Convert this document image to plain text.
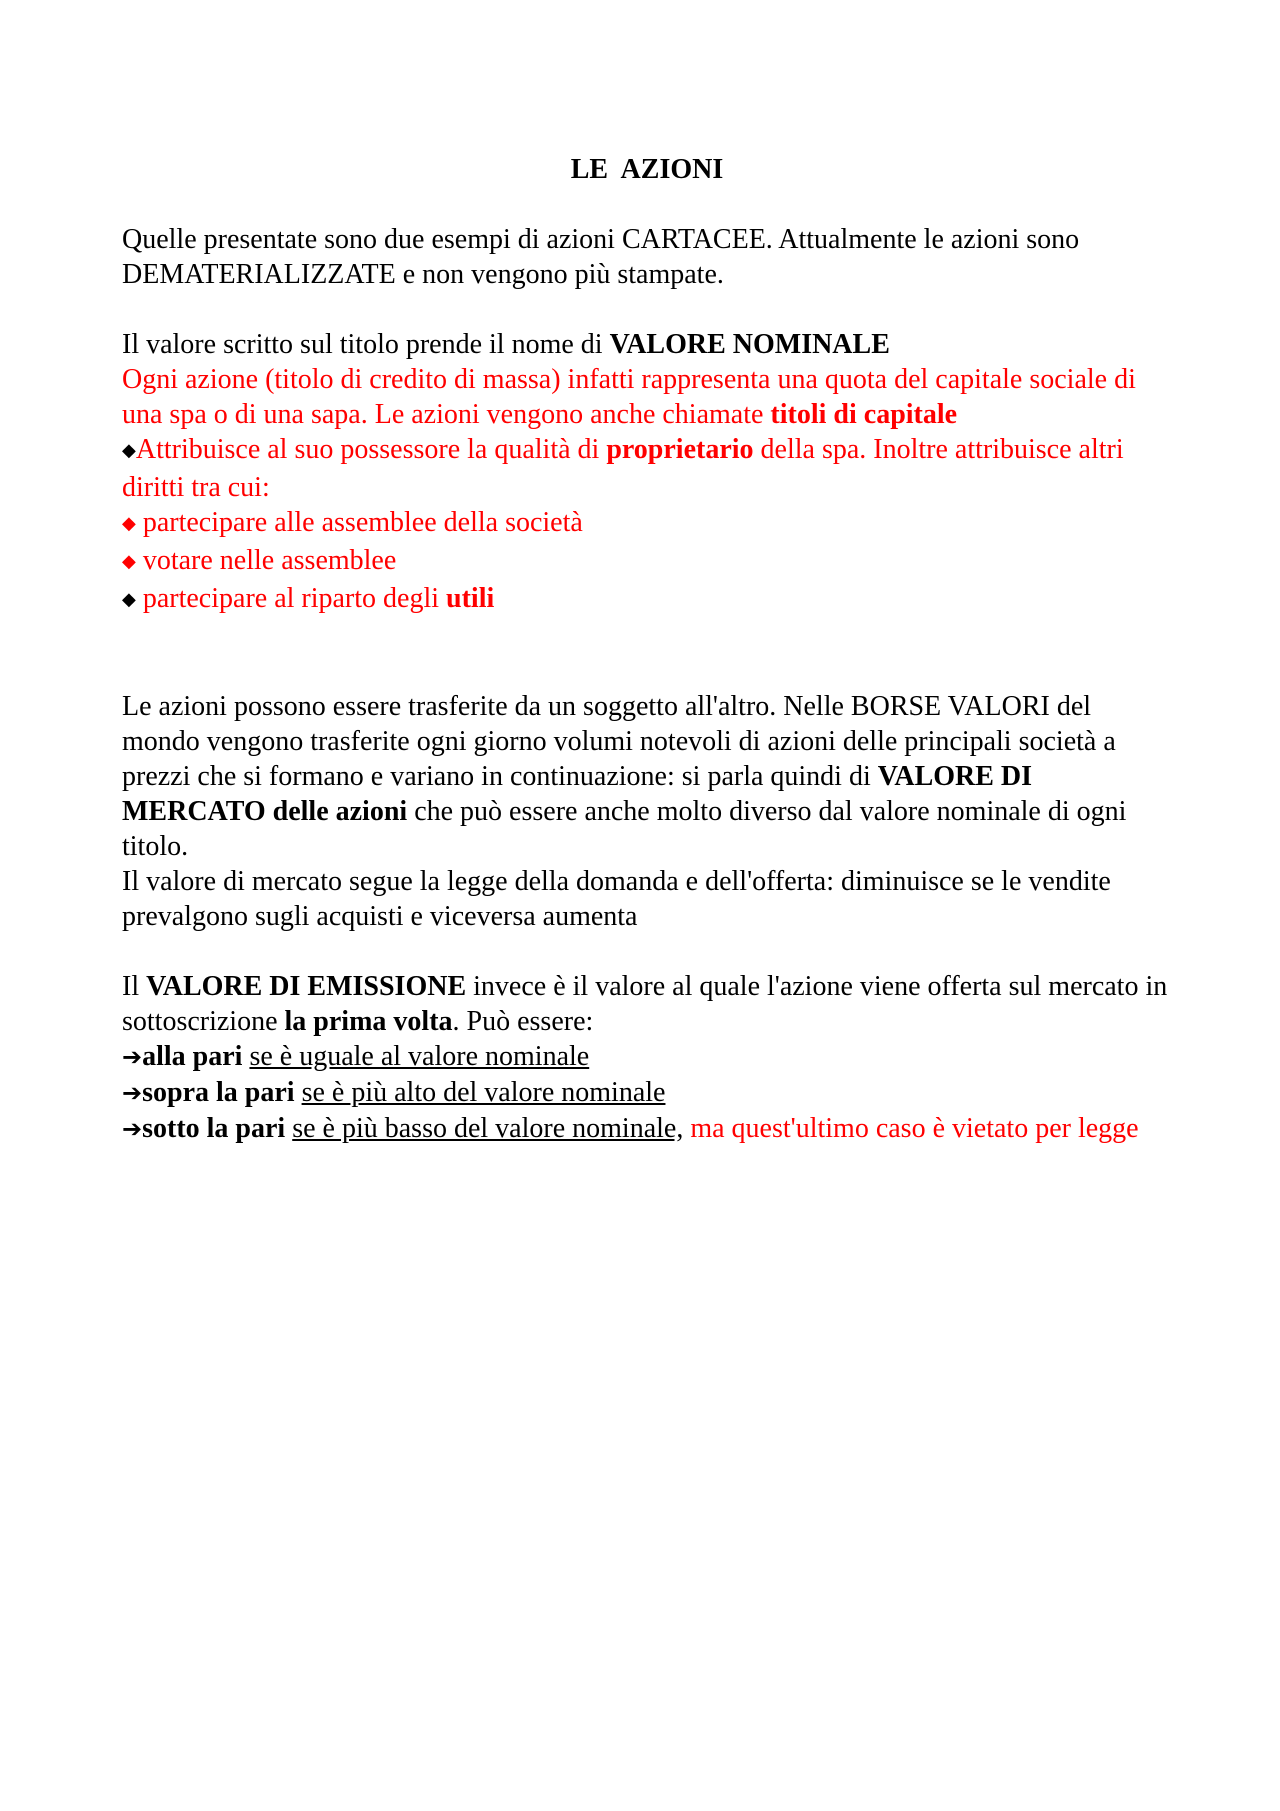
LE  AZIONI

Quelle presentate sono due esempi di azioni CARTACEE. Attualmente le azioni sono DEMATERIALIZZATE e non vengono più stampate.

Il valore scritto sul titolo prende il nome di VALORE NOMINALE

Ogni azione (titolo di credito di massa) infatti rappresenta una quota del capitale sociale di una spa o di una sapa. Le azioni vengono anche chiamate titoli di capitale

◆Attribuisce al suo possessore la qualità di proprietario della spa. Inoltre attribuisce altri diritti tra cui:

◆ partecipare alle assemblee della società

◆ votare nelle assemblee

◆ partecipare al riparto degli utili

Le azioni possono essere trasferite da un soggetto all'altro. Nelle BORSE VALORI del mondo vengono trasferite ogni giorno volumi notevoli di azioni delle principali società a prezzi che si formano e variano in continuazione: si parla quindi di VALORE DI MERCATO delle azioni che può essere anche molto diverso dal valore nominale di ogni titolo.

Il valore di mercato segue la legge della domanda e dell'offerta: diminuisce se le vendite prevalgono sugli acquisti e viceversa aumenta

Il VALORE DI EMISSIONE invece è il valore al quale l'azione viene offerta sul mercato in sottoscrizione la prima volta. Può essere:

➔alla pari se è uguale al valore nominale

➔sopra la pari se è più alto del valore nominale

➔sotto la pari se è più basso del valore nominale, ma quest'ultimo caso è vietato per legge
